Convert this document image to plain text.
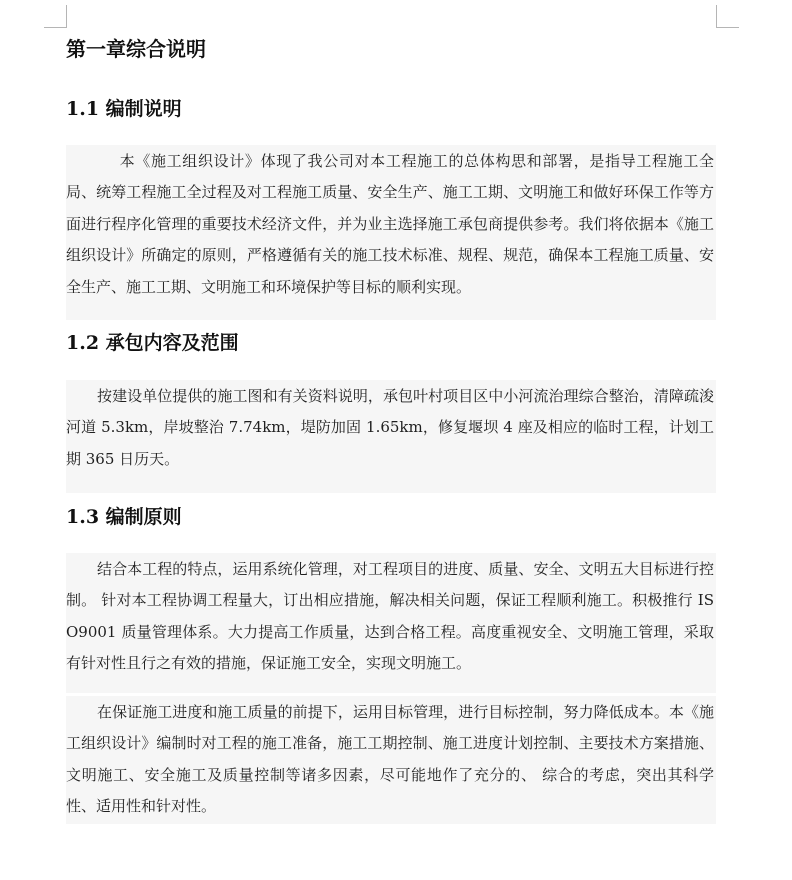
第一章综合说明
1.1 编制说明

本《施工组织设计》体现了我公司对本工程施工的总体构思和部署，是指导工程施工全局、统筹工程施工全过程及对工程施工质量、安全生产、施工工期、文明施工和做好环保工作等方面进行程序化管理的重要技术经济文件，并为业主选择施工承包商提供参考。我们将依据本《施工组织设计》所确定的原则，严格遵循有关的施工技术标准、规程、规范，确保本工程施工质量、安全生产、施工工期、文明施工和环境保护等目标的顺利实现。

1.2 承包内容及范围

按建设单位提供的施工图和有关资料说明，承包叶村项目区中小河流治理综合整治，清障疏浚河道 5.3km，岸坡整治 7.74km，堤防加固 1.65km，修复堰坝 4 座及相应的临时工程，计划工期 365 日历天。

1.3 编制原则

结合本工程的特点，运用系统化管理，对工程项目的进度、质量、安全、文明五大目标进行控制。 针对本工程协调工程量大，订出相应措施，解决相关问题，保证工程顺利施工。积极推行 ISO9001 质量管理体系。大力提高工作质量，达到合格工程。高度重视安全、文明施工管理，采取有针对性且行之有效的措施，保证施工安全，实现文明施工。

在保证施工进度和施工质量的前提下，运用目标管理，进行目标控制，努力降低成本。本《施工组织设计》编制时对工程的施工准备，施工工期控制、施工进度计划控制、主要技术方案措施、文明施工、安全施工及质量控制等诸多因素，尽可能地作了充分的、 综合的考虑，突出其科学性、适用性和针对性。
